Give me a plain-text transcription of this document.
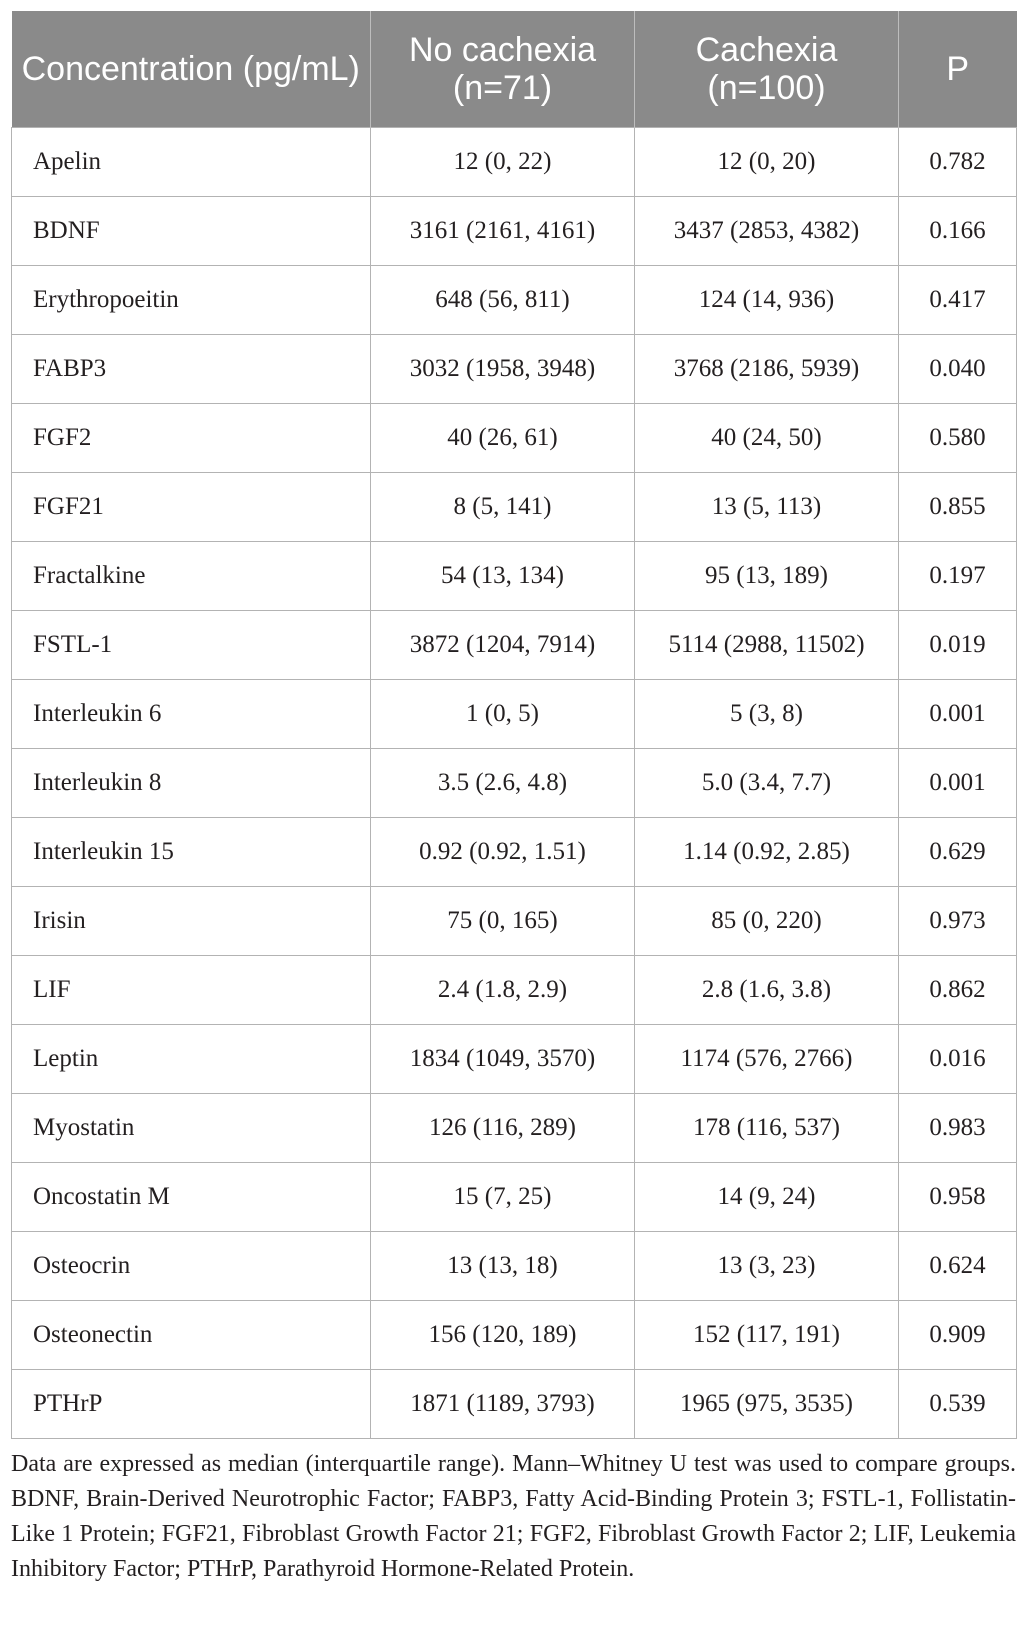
Concentration (pg/mL)	No cachexia (n=71)	Cachexia (n=100)	P
Apelin	12 (0, 22)	12 (0, 20)	0.782
BDNF	3161 (2161, 4161)	3437 (2853, 4382)	0.166
Erythropoeitin	648 (56, 811)	124 (14, 936)	0.417
FABP3	3032 (1958, 3948)	3768 (2186, 5939)	0.040
FGF2	40 (26, 61)	40 (24, 50)	0.580
FGF21	8 (5, 141)	13 (5, 113)	0.855
Fractalkine	54 (13, 134)	95 (13, 189)	0.197
FSTL-1	3872 (1204, 7914)	5114 (2988, 11502)	0.019
Interleukin 6	1 (0, 5)	5 (3, 8)	0.001
Interleukin 8	3.5 (2.6, 4.8)	5.0 (3.4, 7.7)	0.001
Interleukin 15	0.92 (0.92, 1.51)	1.14 (0.92, 2.85)	0.629
Irisin	75 (0, 165)	85 (0, 220)	0.973
LIF	2.4 (1.8, 2.9)	2.8 (1.6, 3.8)	0.862
Leptin	1834 (1049, 3570)	1174 (576, 2766)	0.016
Myostatin	126 (116, 289)	178 (116, 537)	0.983
Oncostatin M	15 (7, 25)	14 (9, 24)	0.958
Osteocrin	13 (13, 18)	13 (3, 23)	0.624
Osteonectin	156 (120, 189)	152 (117, 191)	0.909
PTHrP	1871 (1189, 3793)	1965 (975, 3535)	0.539
Data are expressed as median (interquartile range). Mann–Whitney U test was used to compare groups. BDNF, Brain-Derived Neurotrophic Factor; FABP3, Fatty Acid-Binding Protein 3; FSTL-1, Follistatin-Like 1 Protein; FGF21, Fibroblast Growth Factor 21; FGF2, Fibroblast Growth Factor 2; LIF, Leukemia Inhibitory Factor; PTHrP, Parathyroid Hormone-Related Protein.
